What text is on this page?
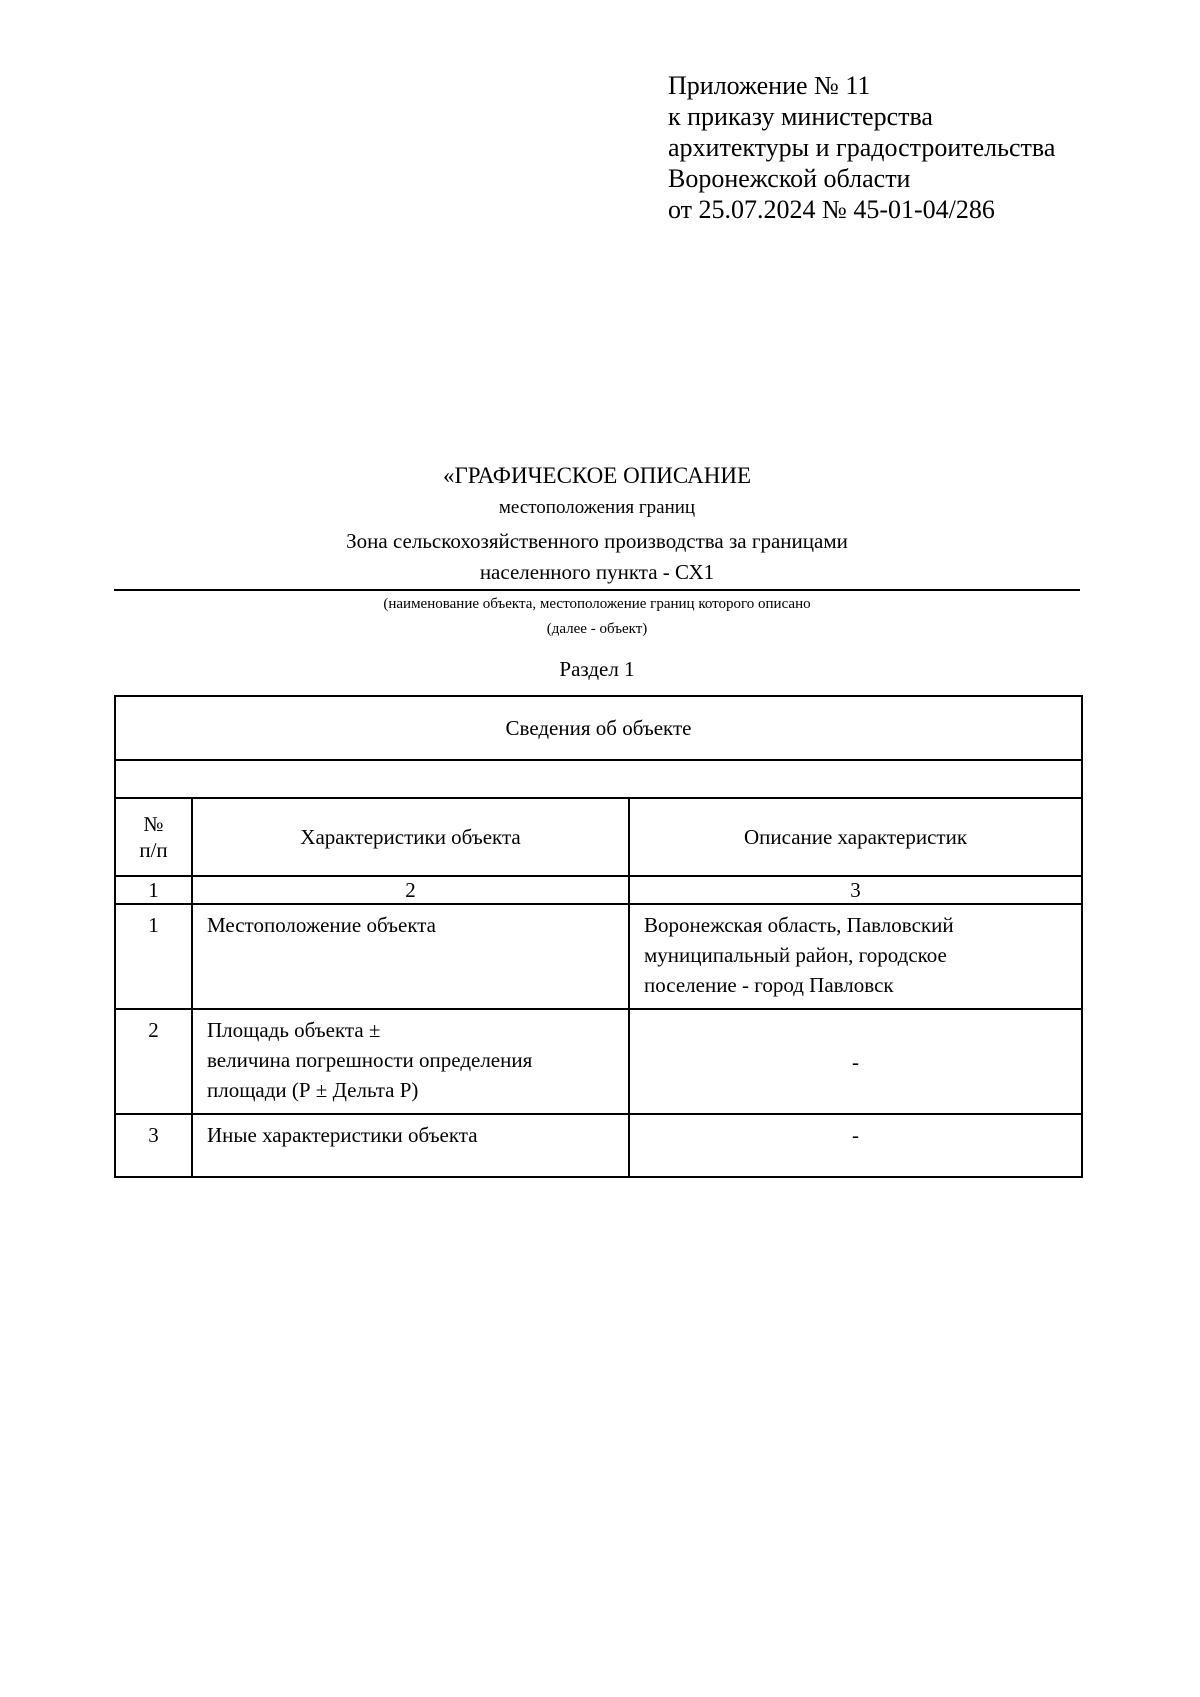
Приложение № 11
к приказу министерства
архитектуры и градостроительства
Воронежской области
от 25.07.2024 № 45-01-04/286
«ГРАФИЧЕСКОЕ ОПИСАНИЕ
местоположения границ
Зона сельскохозяйственного производства за границами
населенного пункта - СХ1
(наименование объекта, местоположение границ которого описано
(далее - объект)
Раздел 1
Сведения об объекте		

№
п/п	Характеристики объекта	Описание характеристик
1	2	3
1	Местоположение объекта	Воронежская область, Павловский
муниципальный район, городское
поселение - город Павловск

2	Площадь объекта ±
величина погрешности определения
площади (Р ± Дельта Р)	-

3	Иные характеристики объекта	-
